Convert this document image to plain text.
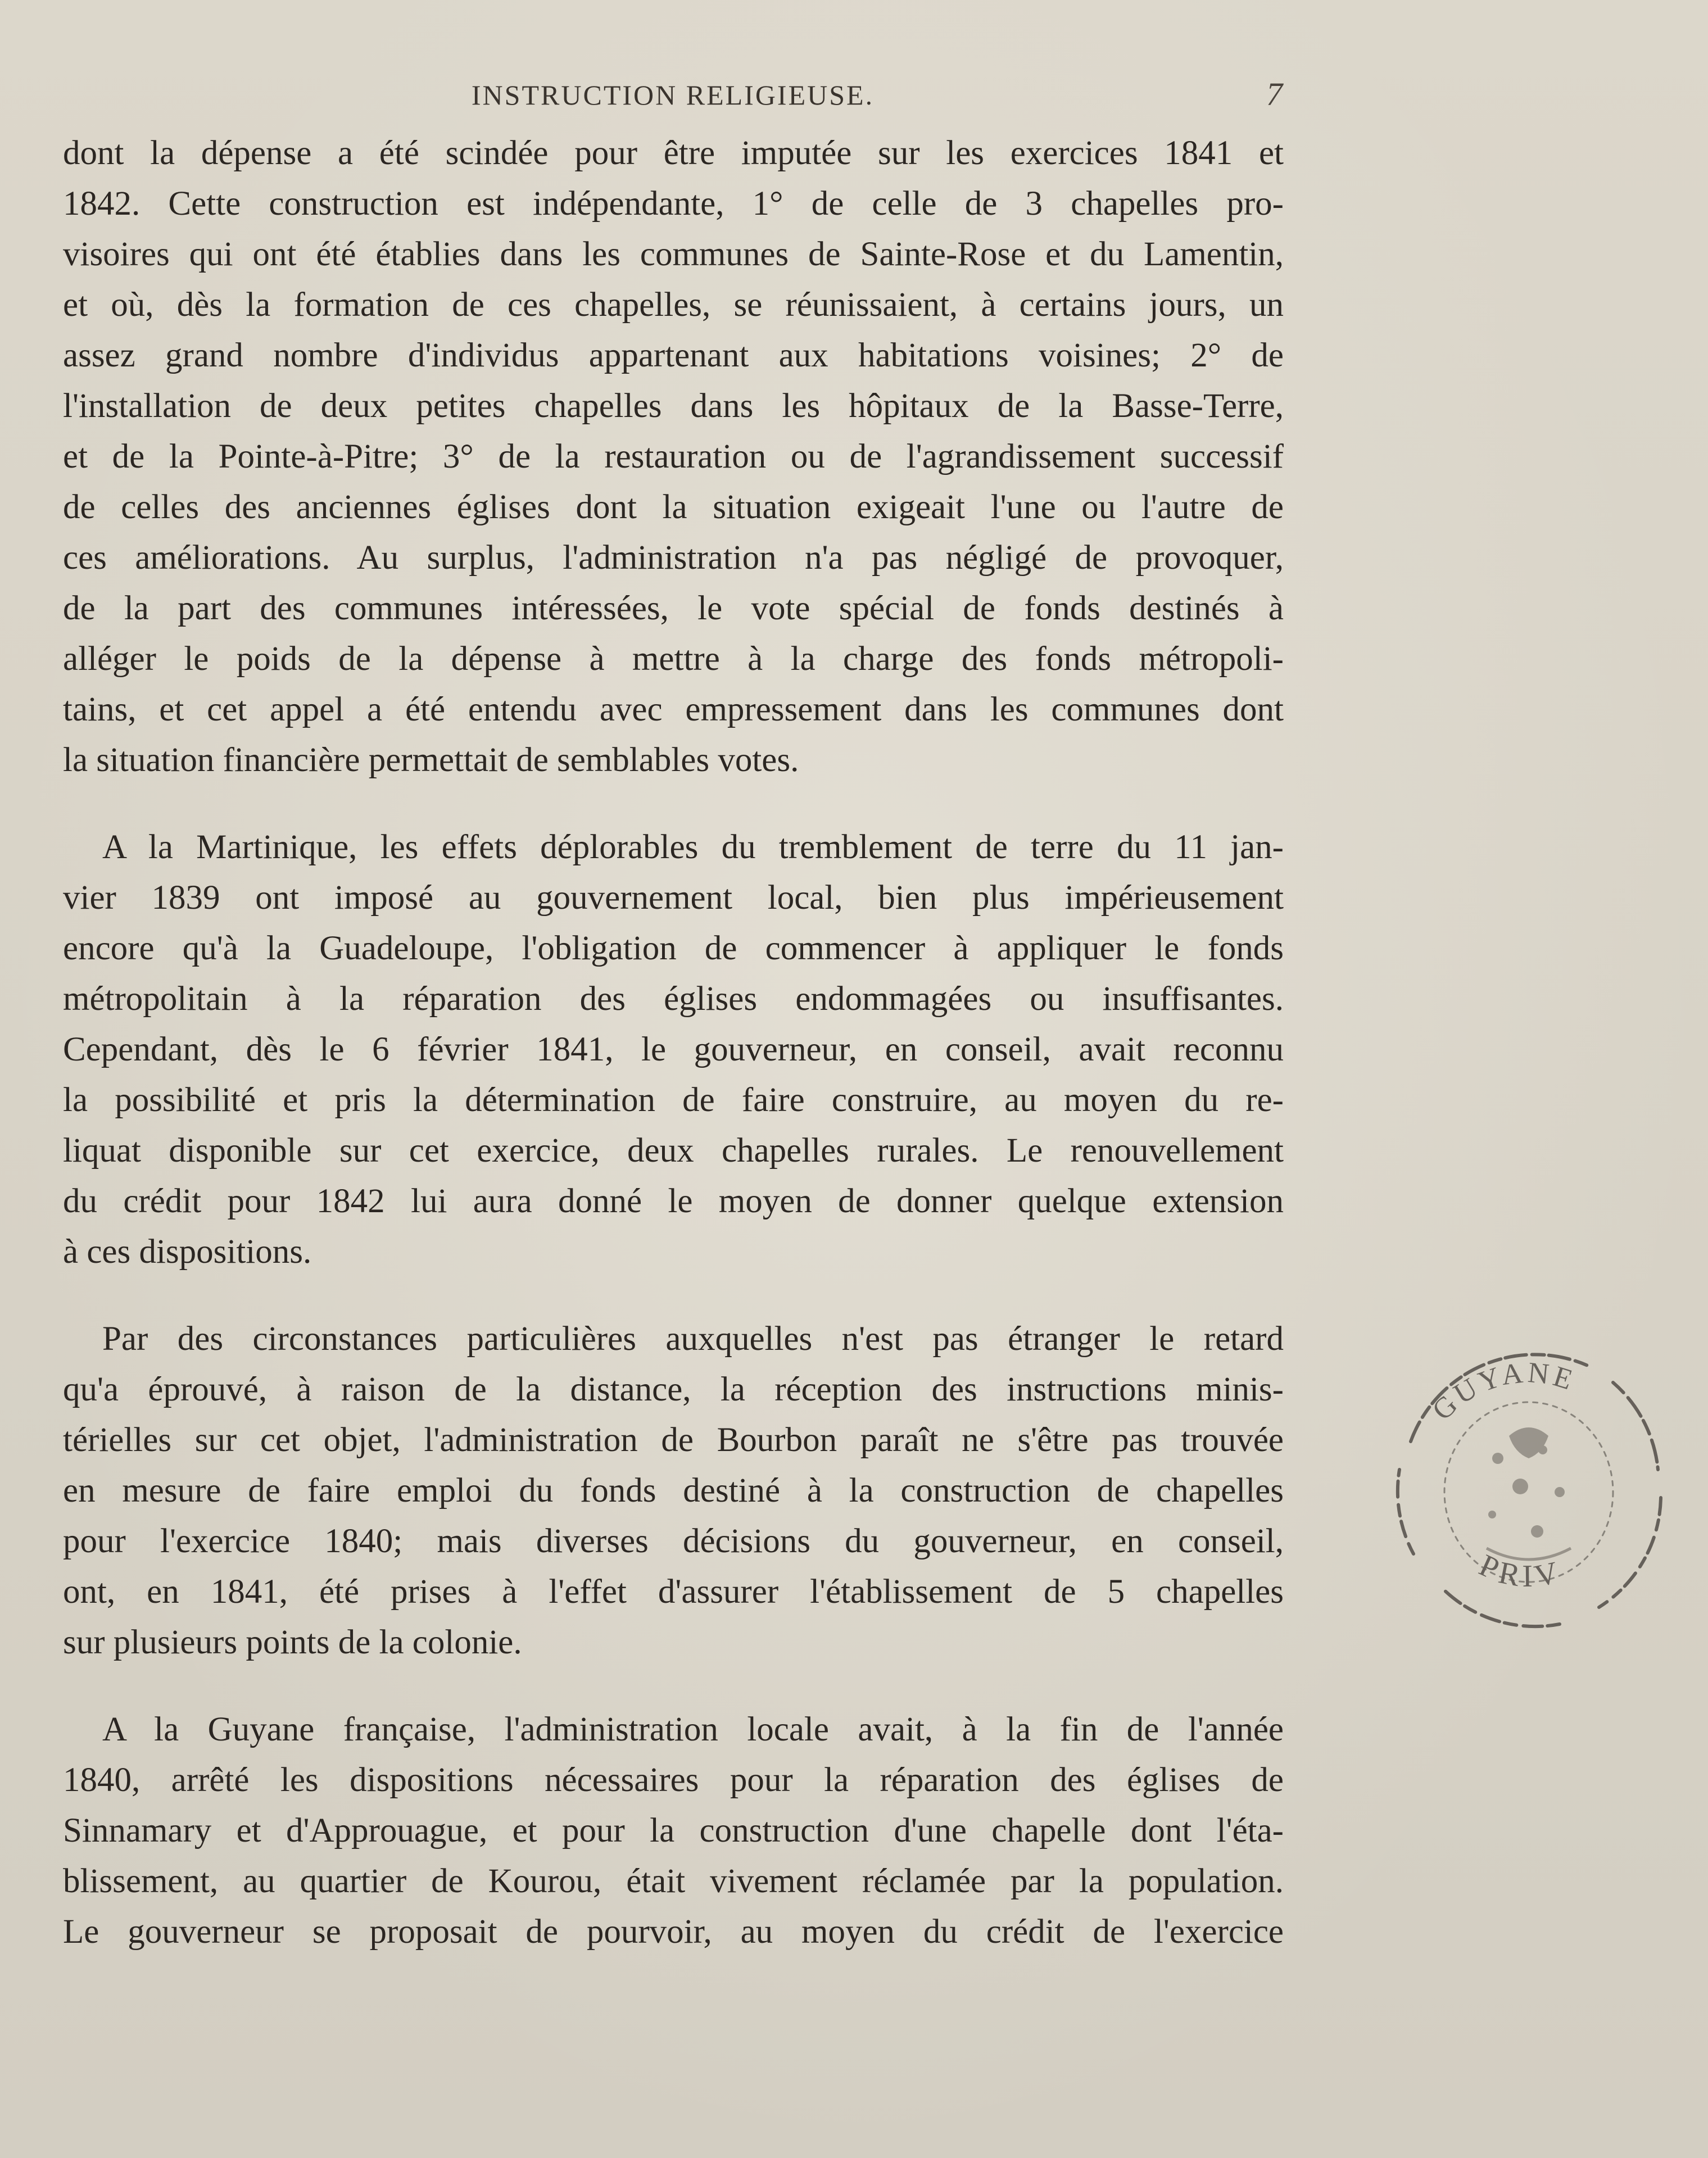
INSTRUCTION RELIGIEUSE.	7
dont la dépense a été scindée pour être imputée sur les exercices 1841 et
1842. Cette construction est indépendante, 1° de celle de 3 chapelles pro-
visoires qui ont été établies dans les communes de Sainte-Rose et du Lamentin,
et où, dès la formation de ces chapelles, se réunissaient, à certains jours, un
assez grand nombre d'individus appartenant aux habitations voisines; 2° de
l'installation de deux petites chapelles dans les hôpitaux de la Basse-Terre,
et de la Pointe-à-Pitre; 3° de la restauration ou de l'agrandissement successif
de celles des anciennes églises dont la situation exigeait l'une ou l'autre de
ces améliorations. Au surplus, l'administration n'a pas négligé de provoquer,
de la part des communes intéressées, le vote spécial de fonds destinés à
alléger le poids de la dépense à mettre à la charge des fonds métropoli-
tains, et cet appel a été entendu avec empressement dans les communes dont
la situation financière permettait de semblables votes.
A la Martinique, les effets déplorables du tremblement de terre du 11 jan-
vier 1839 ont imposé au gouvernement local, bien plus impérieusement
encore qu'à la Guadeloupe, l'obligation de commencer à appliquer le fonds
métropolitain à la réparation des églises endommagées ou insuffisantes.
Cependant, dès le 6 février 1841, le gouverneur, en conseil, avait reconnu
la possibilité et pris la détermination de faire construire, au moyen du re-
liquat disponible sur cet exercice, deux chapelles rurales. Le renouvellement
du crédit pour 1842 lui aura donné le moyen de donner quelque extension
à ces dispositions.
Par des circonstances particulières auxquelles n'est pas étranger le retard
qu'a éprouvé, à raison de la distance, la réception des instructions minis-
térielles sur cet objet, l'administration de Bourbon paraît ne s'être pas trouvée
en mesure de faire emploi du fonds destiné à la construction de chapelles
pour l'exercice 1840; mais diverses décisions du gouverneur, en conseil,
ont, en 1841, été prises à l'effet d'assurer l'établissement de 5 chapelles
sur plusieurs points de la colonie.
A la Guyane française, l'administration locale avait, à la fin de l'année
1840, arrêté les dispositions nécessaires pour la réparation des églises de
Sinnamary et d'Approuague, et pour la construction d'une chapelle dont l'éta-
blissement, au quartier de Kourou, était vivement réclamée par la population.
Le gouverneur se proposait de pourvoir, au moyen du crédit de l'exercice
GUYANE
PRIV
